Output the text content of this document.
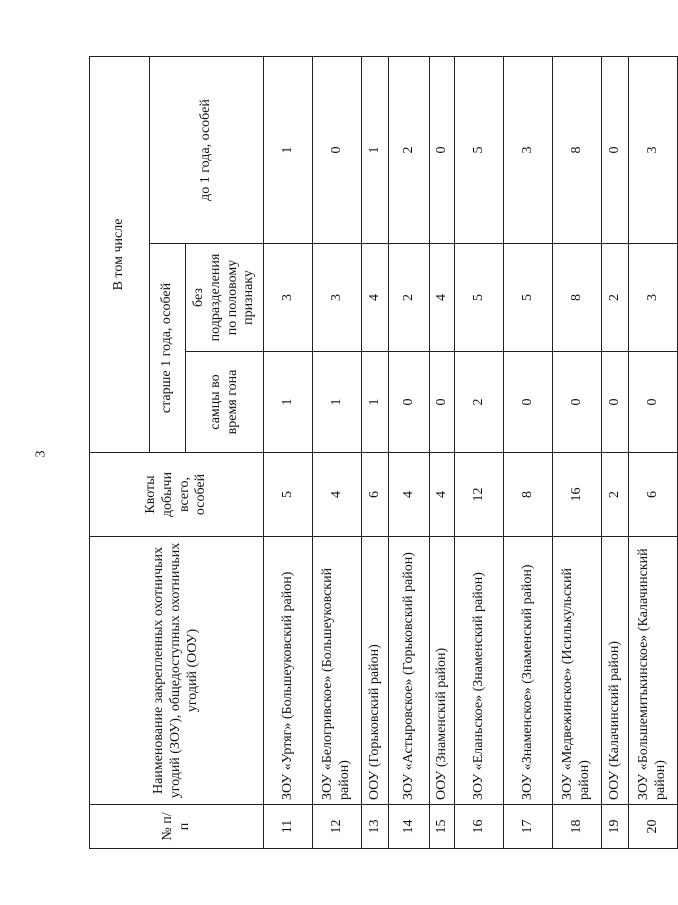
3
№ п/п	Наименование закрепленных охотничьих угодий (ЗОУ), общедоступных охотничьих угодий (ООУ)	Квоты добычи всего, особей	В том числе		
			старше 1 года, особей		до 1 года, особей
			самцы во время гона	без подразделения по половому признаку	
11	ЗОУ «Уртяг» (Большеуковский район)	5	1	3	1
12	ЗОУ «Белогривское» (Большеуковский район)	4	1	3	0
13	ООУ (Горьковский район)	6	1	4	1
14	ЗОУ «Астыровское» (Горьковский район)	4	0	2	2
15	ООУ (Знаменский район)	4	0	4	0
16	ЗОУ «Еланьское» (Знаменский район)	12	2	5	5
17	ЗОУ «Знаменское» (Знаменский район)	8	0	5	3
18	ЗОУ «Медвежинское» (Исилькульский район)	16	0	8	8
19	ООУ (Калачинский район)	2	0	2	0
20	ЗОУ «Большемитькинское» (Калачинский район)	6	0	3	3
